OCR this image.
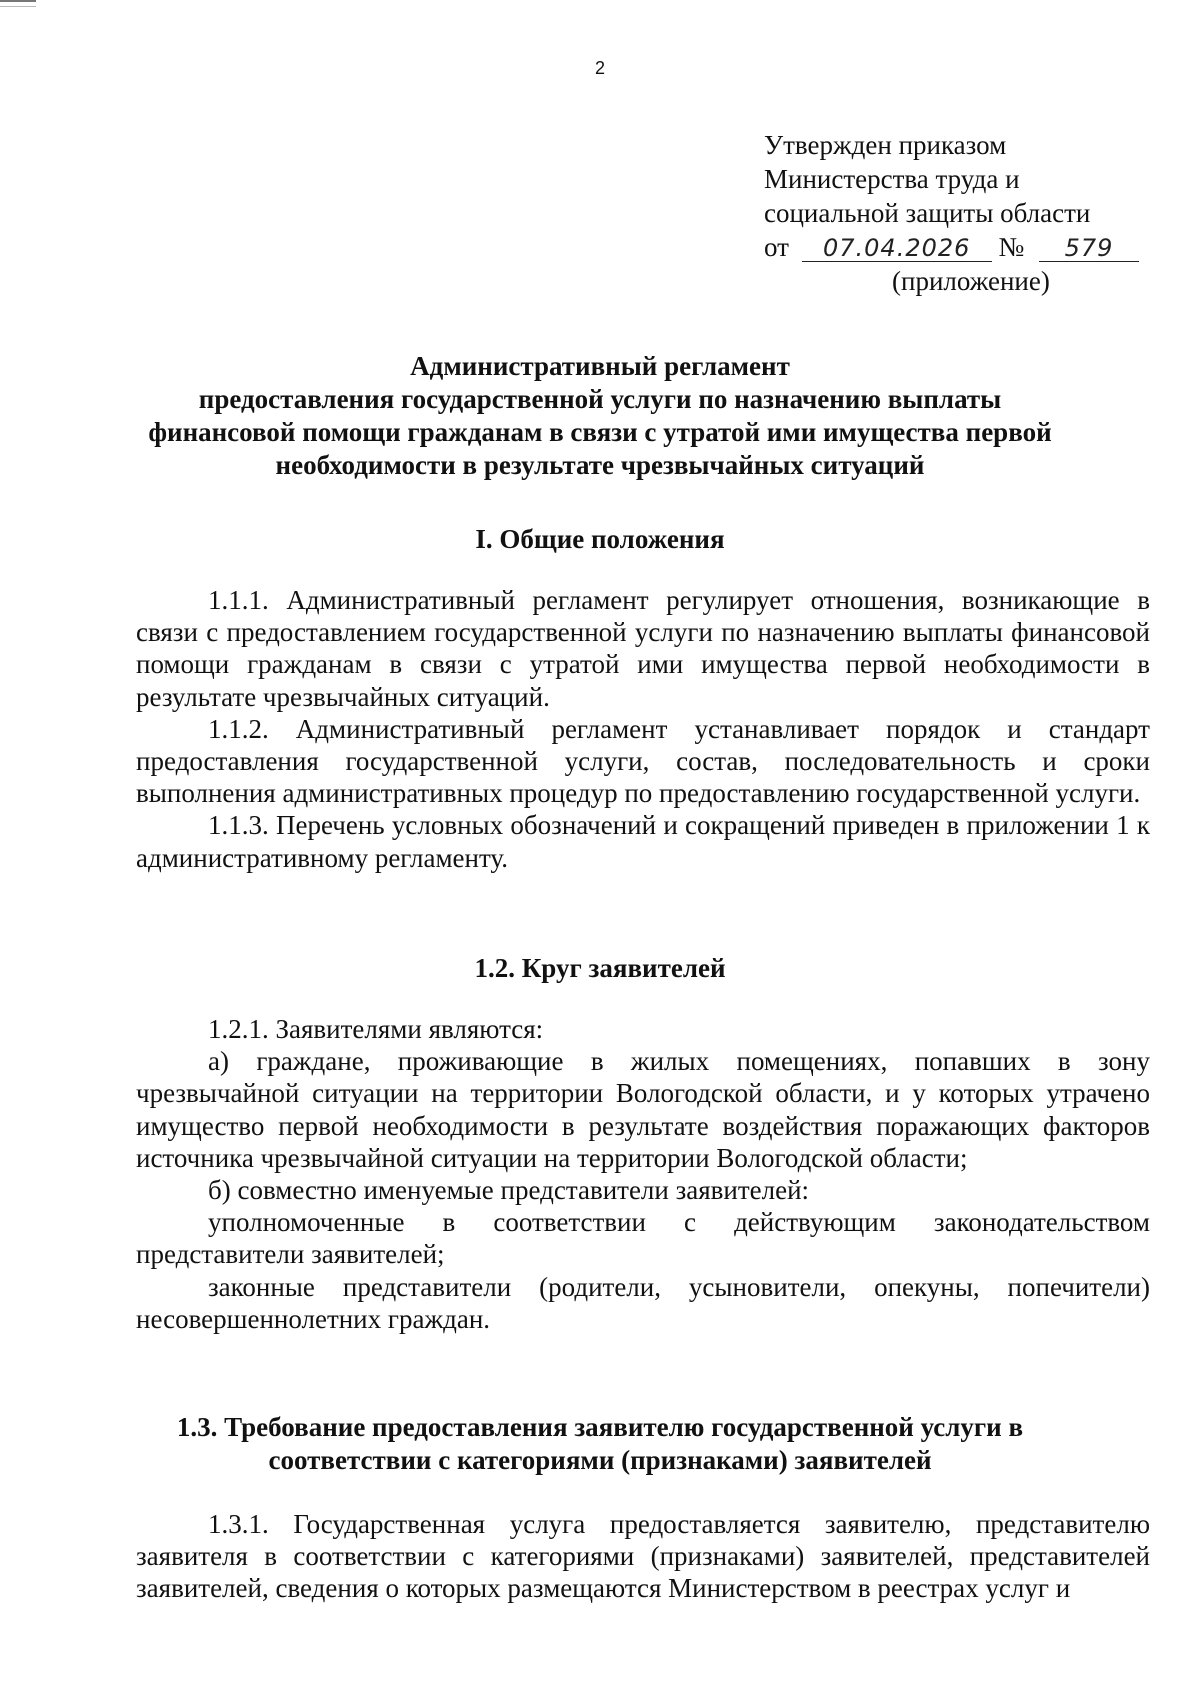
2
Утвержден приказом
Министерства труда и
социальной защиты области
от 07.04.2026 № 579
(приложение)
Административный регламент
предоставления государственной услуги по назначению выплаты
финансовой помощи гражданам в связи с утратой ими имущества первой
необходимости в результате чрезвычайных ситуаций
I. Общие положения

1.1.1. Административный регламент регулирует отношения, возникающие в связи с предоставлением государственной услуги по назначению выплаты финансовой помощи гражданам в связи с утратой ими имущества первой необходимости в результате чрезвычайных ситуаций.

1.1.2. Административный регламент устанавливает порядок и стандарт предоставления государственной услуги, состав, последовательность и сроки выполнения административных процедур по предоставлению государственной услуги.

1.1.3. Перечень условных обозначений и сокращений приведен в приложении 1 к административному регламенту.

1.2. Круг заявителей

1.2.1. Заявителями являются:

а) граждане, проживающие в жилых помещениях, попавших в зону чрезвычайной ситуации на территории Вологодской области, и у которых утрачено имущество первой необходимости в результате воздействия поражающих факторов источника чрезвычайной ситуации на территории Вологодской области;

б) совместно именуемые представители заявителей:

уполномоченные в соответствии с действующим законодательством представители заявителей;

законные представители (родители, усыновители, опекуны, попечители) несовершеннолетних граждан.

1.3. Требование предоставления заявителю государственной услуги в
соответствии с категориями (признаками) заявителей

1.3.1. Государственная услуга предоставляется заявителю, представителю заявителя в соответствии с категориями (признаками) заявителей, представителей заявителей, сведения о которых размещаются Министерством в реестрах услуг и
